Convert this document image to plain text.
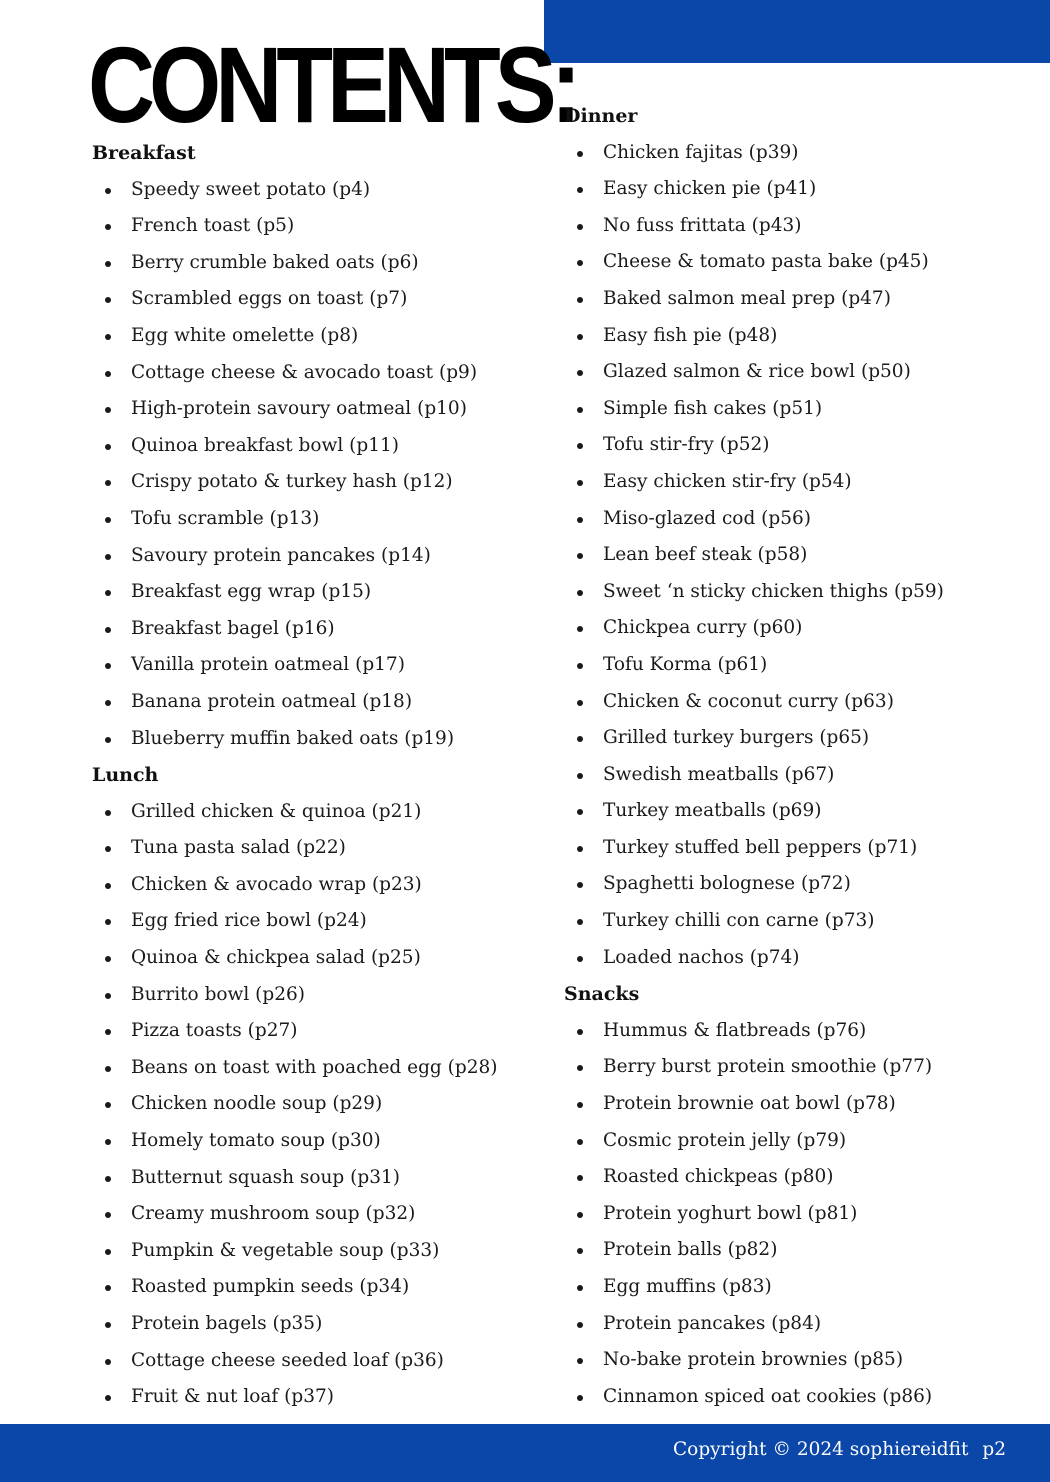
CONTENTS:
Breakfast
Speedy sweet potato (p4)
French toast (p5)
Berry crumble baked oats (p6)
Scrambled eggs on toast (p7)
Egg white omelette (p8)
Cottage cheese & avocado toast (p9)
High-protein savoury oatmeal (p10)
Quinoa breakfast bowl (p11)
Crispy potato & turkey hash (p12)
Tofu scramble (p13)
Savoury protein pancakes (p14)
Breakfast egg wrap (p15)
Breakfast bagel (p16)
Vanilla protein oatmeal (p17)
Banana protein oatmeal (p18)
Blueberry muffin baked oats (p19)
Lunch
Grilled chicken & quinoa (p21)
Tuna pasta salad (p22)
Chicken & avocado wrap (p23)
Egg fried rice bowl (p24)
Quinoa & chickpea salad (p25)
Burrito bowl (p26)
Pizza toasts (p27)
Beans on toast with poached egg (p28)
Chicken noodle soup (p29)
Homely tomato soup (p30)
Butternut squash soup (p31)
Creamy mushroom soup (p32)
Pumpkin & vegetable soup (p33)
Roasted pumpkin seeds (p34)
Protein bagels (p35)
Cottage cheese seeded loaf (p36)
Fruit & nut loaf (p37)
Dinner
Chicken fajitas (p39)
Easy chicken pie (p41)
No fuss frittata (p43)
Cheese & tomato pasta bake (p45)
Baked salmon meal prep (p47)
Easy fish pie (p48)
Glazed salmon & rice bowl (p50)
Simple fish cakes (p51)
Tofu stir-fry (p52)
Easy chicken stir-fry (p54)
Miso-glazed cod (p56)
Lean beef steak (p58)
Sweet ‘n sticky chicken thighs (p59)
Chickpea curry (p60)
Tofu Korma (p61)
Chicken & coconut curry (p63)
Grilled turkey burgers (p65)
Swedish meatballs (p67)
Turkey meatballs (p69)
Turkey stuffed bell peppers (p71)
Spaghetti bolognese (p72)
Turkey chilli con carne (p73)
Loaded nachos (p74)
Snacks
Hummus & flatbreads (p76)
Berry burst protein smoothie (p77)
Protein brownie oat bowl (p78)
Cosmic protein jelly (p79)
Roasted chickpeas (p80)
Protein yoghurt bowl (p81)
Protein balls (p82)
Egg muffins (p83)
Protein pancakes (p84)
No-bake protein brownies (p85)
Cinnamon spiced oat cookies (p86)
Copyright © 2024 sophiereidfit p2
